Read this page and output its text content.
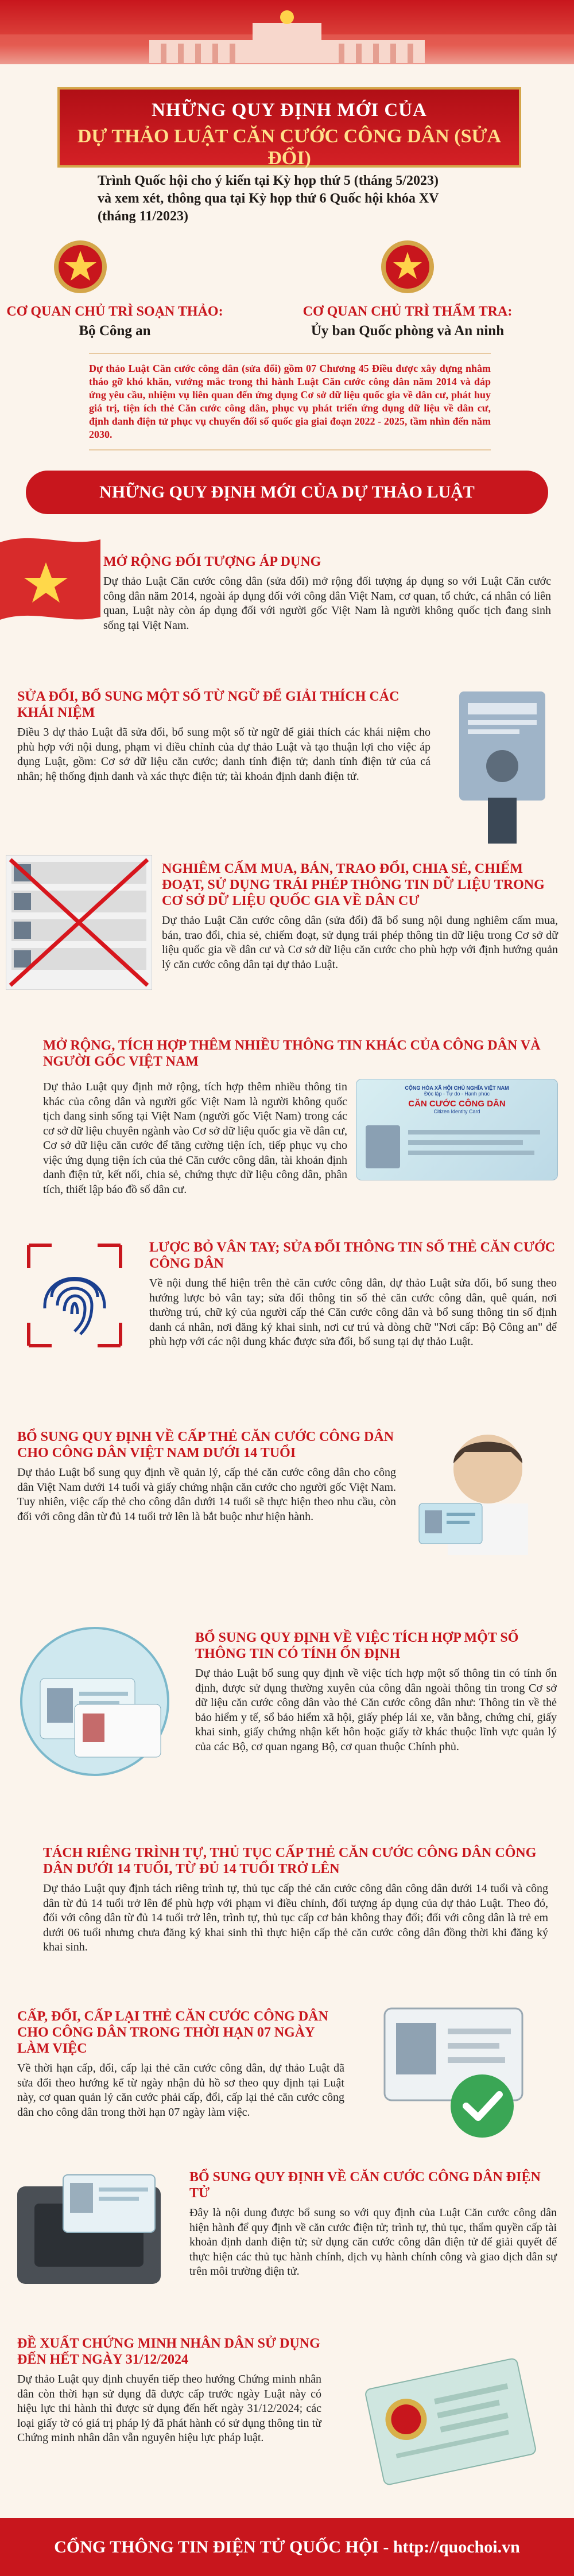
NHỮNG QUY ĐỊNH MỚI CỦA
DỰ THẢO LUẬT CĂN CƯỚC CÔNG DÂN (SỬA ĐỔI)
Trình Quốc hội cho ý kiến tại Kỳ họp thứ 5 (tháng 5/2023)
và xem xét, thông qua tại Kỳ họp thứ 6 Quốc hội khóa XV
(tháng 11/2023)
CƠ QUAN CHỦ TRÌ SOẠN THẢO:
Bộ Công an
CƠ QUAN CHỦ TRÌ THẨM TRA:
Ủy ban Quốc phòng và An ninh
Dự thảo Luật Căn cước công dân (sửa đổi) gồm 07 Chương 45 Điều được xây dựng nhằm tháo gỡ khó khăn, vướng mắc trong thi hành Luật Căn cước công dân năm 2014 và đáp ứng yêu cầu, nhiệm vụ liên quan đến ứng dụng Cơ sở dữ liệu quốc gia về dân cư, phát huy giá trị, tiện ích thẻ Căn cước công dân, phục vụ phát triển ứng dụng dữ liệu về dân cư, định danh điện tử phục vụ chuyển đổi số quốc gia giai đoạn 2022 - 2025, tầm nhìn đến năm 2030.
NHỮNG QUY ĐỊNH MỚI CỦA DỰ THẢO LUẬT
MỞ RỘNG ĐỐI TƯỢNG ÁP DỤNG
Dự thảo Luật Căn cước công dân (sửa đổi) mở rộng đối tượng áp dụng so với Luật Căn cước công dân năm 2014, ngoài áp dụng đối với công dân Việt Nam, cơ quan, tổ chức, cá nhân có liên quan, Luật này còn áp dụng đối với người gốc Việt Nam là người không quốc tịch đang sinh sống tại Việt Nam.
SỬA ĐỔI, BỔ SUNG MỘT SỐ TỪ NGỮ ĐỂ GIẢI THÍCH CÁC KHÁI NIỆM
Điều 3 dự thảo Luật đã sửa đổi, bổ sung một số từ ngữ để giải thích các khái niệm cho phù hợp với nội dung, phạm vi điều chỉnh của dự thảo Luật và tạo thuận lợi cho việc áp dụng Luật, gồm: Cơ sở dữ liệu căn cước; danh tính điện tử; danh tính điện tử của cá nhân; hệ thống định danh và xác thực điện tử; tài khoản định danh điện tử.
NGHIÊM CẤM MUA, BÁN, TRAO ĐỔI, CHIA SẺ, CHIẾM ĐOẠT, SỬ DỤNG TRÁI PHÉP THÔNG TIN DỮ LIỆU TRONG CƠ SỞ DỮ LIỆU QUỐC GIA VỀ DÂN CƯ
Dự thảo Luật Căn cước công dân (sửa đổi) đã bổ sung nội dung nghiêm cấm mua, bán, trao đổi, chia sẻ, chiếm đoạt, sử dụng trái phép thông tin dữ liệu trong Cơ sở dữ liệu quốc gia về dân cư và Cơ sở dữ liệu căn cước cho phù hợp với định hướng quản lý căn cước công dân tại dự thảo Luật.
MỞ RỘNG, TÍCH HỢP THÊM NHIỀU THÔNG TIN KHÁC CỦA CÔNG DÂN VÀ NGƯỜI GỐC VIỆT NAM
Dự thảo Luật quy định mở rộng, tích hợp thêm nhiều thông tin khác của công dân và người gốc Việt Nam là người không quốc tịch đang sinh sống tại Việt Nam (người gốc Việt Nam) trong các cơ sở dữ liệu chuyên ngành vào Cơ sở dữ liệu quốc gia về dân cư, Cơ sở dữ liệu căn cước để tăng cường tiện ích, tiếp phục vụ cho việc ứng dụng tiện ích của thẻ Căn cước công dân, tài khoản định danh điện tử, kết nối, chia sẻ, chứng thực dữ liệu công dân, phân tích, thiết lập báo đồ số dân cư.
CỘNG HÒA XÃ HỘI CHỦ NGHĨA VIỆT NAM
Độc lập - Tự do - Hạnh phúc
CĂN CƯỚC CÔNG DÂN
Citizen Identity Card
LƯỢC BỎ VÂN TAY; SỬA ĐỔI THÔNG TIN SỐ THẺ CĂN CƯỚC CÔNG DÂN
Về nội dung thể hiện trên thẻ căn cước công dân, dự thảo Luật sửa đổi, bổ sung theo hướng lược bỏ vân tay; sửa đổi thông tin số thẻ căn cước công dân, quê quán, nơi thường trú, chữ ký của người cấp thẻ Căn cước công dân và bổ sung thông tin số định danh cá nhân, nơi đăng ký khai sinh, nơi cư trú và dòng chữ "Nơi cấp: Bộ Công an" để phù hợp với các nội dung khác được sửa đổi, bổ sung tại dự thảo Luật.
BỔ SUNG QUY ĐỊNH VỀ CẤP THẺ CĂN CƯỚC CÔNG DÂN CHO CÔNG DÂN VIỆT NAM DƯỚI 14 TUỔI
Dự thảo Luật bổ sung quy định về quản lý, cấp thẻ căn cước công dân cho công dân Việt Nam dưới 14 tuổi và giấy chứng nhận căn cước cho người gốc Việt Nam. Tuy nhiên, việc cấp thẻ cho công dân dưới 14 tuổi sẽ thực hiện theo nhu cầu, còn đối với công dân từ đủ 14 tuổi trở lên là bắt buộc như hiện hành.
BỔ SUNG QUY ĐỊNH VỀ VIỆC TÍCH HỢP MỘT SỐ THÔNG TIN CÓ TÍNH ỔN ĐỊNH
Dự thảo Luật bổ sung quy định về việc tích hợp một số thông tin có tính ổn định, được sử dụng thường xuyên của công dân ngoài thông tin trong Cơ sở dữ liệu căn cước công dân vào thẻ Căn cước công dân như: Thông tin về thẻ bảo hiểm y tế, sổ bảo hiểm xã hội, giấy phép lái xe, văn bằng, chứng chỉ, giấy khai sinh, giấy chứng nhận kết hôn hoặc giấy tờ khác thuộc lĩnh vực quản lý của các Bộ, cơ quan ngang Bộ, cơ quan thuộc Chính phủ.
TÁCH RIÊNG TRÌNH TỰ, THỦ TỤC CẤP THẺ CĂN CƯỚC CÔNG DÂN CÔNG DÂN DƯỚI 14 TUỔI, TỪ ĐỦ 14 TUỔI TRỞ LÊN
Dự thảo Luật quy định tách riêng trình tự, thủ tục cấp thẻ căn cước công dân công dân dưới 14 tuổi và công dân từ đủ 14 tuổi trở lên để phù hợp với phạm vi điều chỉnh, đối tượng áp dụng của dự thảo Luật. Theo đó, đối với công dân từ đủ 14 tuổi trở lên, trình tự, thủ tục cấp cơ bản không thay đổi; đối với công dân là trẻ em dưới 06 tuổi nhưng chưa đăng ký khai sinh thì thực hiện cấp thẻ căn cước công dân đồng thời khi đăng ký khai sinh.
CẤP, ĐỔI, CẤP LẠI THẺ CĂN CƯỚC CÔNG DÂN CHO CÔNG DÂN TRONG THỜI HẠN 07 NGÀY LÀM VIỆC
Về thời hạn cấp, đổi, cấp lại thẻ căn cước công dân, dự thảo Luật đã sửa đổi theo hướng kể từ ngày nhận đủ hồ sơ theo quy định tại Luật này, cơ quan quản lý căn cước phải cấp, đổi, cấp lại thẻ căn cước công dân cho công dân trong thời hạn 07 ngày làm việc.
BỔ SUNG QUY ĐỊNH VỀ CĂN CƯỚC CÔNG DÂN ĐIỆN TỬ
Đây là nội dung được bổ sung so với quy định của Luật Căn cước công dân hiện hành để quy định về căn cước điện tử; trình tự, thủ tục, thẩm quyền cấp tài khoản định danh điện tử; sử dụng căn cước công dân điện tử để giải quyết để thực hiện các thủ tục hành chính, dịch vụ hành chính công và giao dịch dân sự trên môi trường điện tử.
ĐỀ XUẤT CHỨNG MINH NHÂN DÂN SỬ DỤNG ĐẾN HẾT NGÀY 31/12/2024
Dự thảo Luật quy định chuyển tiếp theo hướng Chứng minh nhân dân còn thời hạn sử dụng đã được cấp trước ngày Luật này có hiệu lực thi hành thì được sử dụng đến hết ngày 31/12/2024; các loại giấy tờ có giá trị pháp lý đã phát hành có sử dụng thông tin từ Chứng minh nhân dân vẫn nguyên hiệu lực pháp luật.
CỔNG THÔNG TIN ĐIỆN TỬ QUỐC HỘI - http://quochoi.vn
